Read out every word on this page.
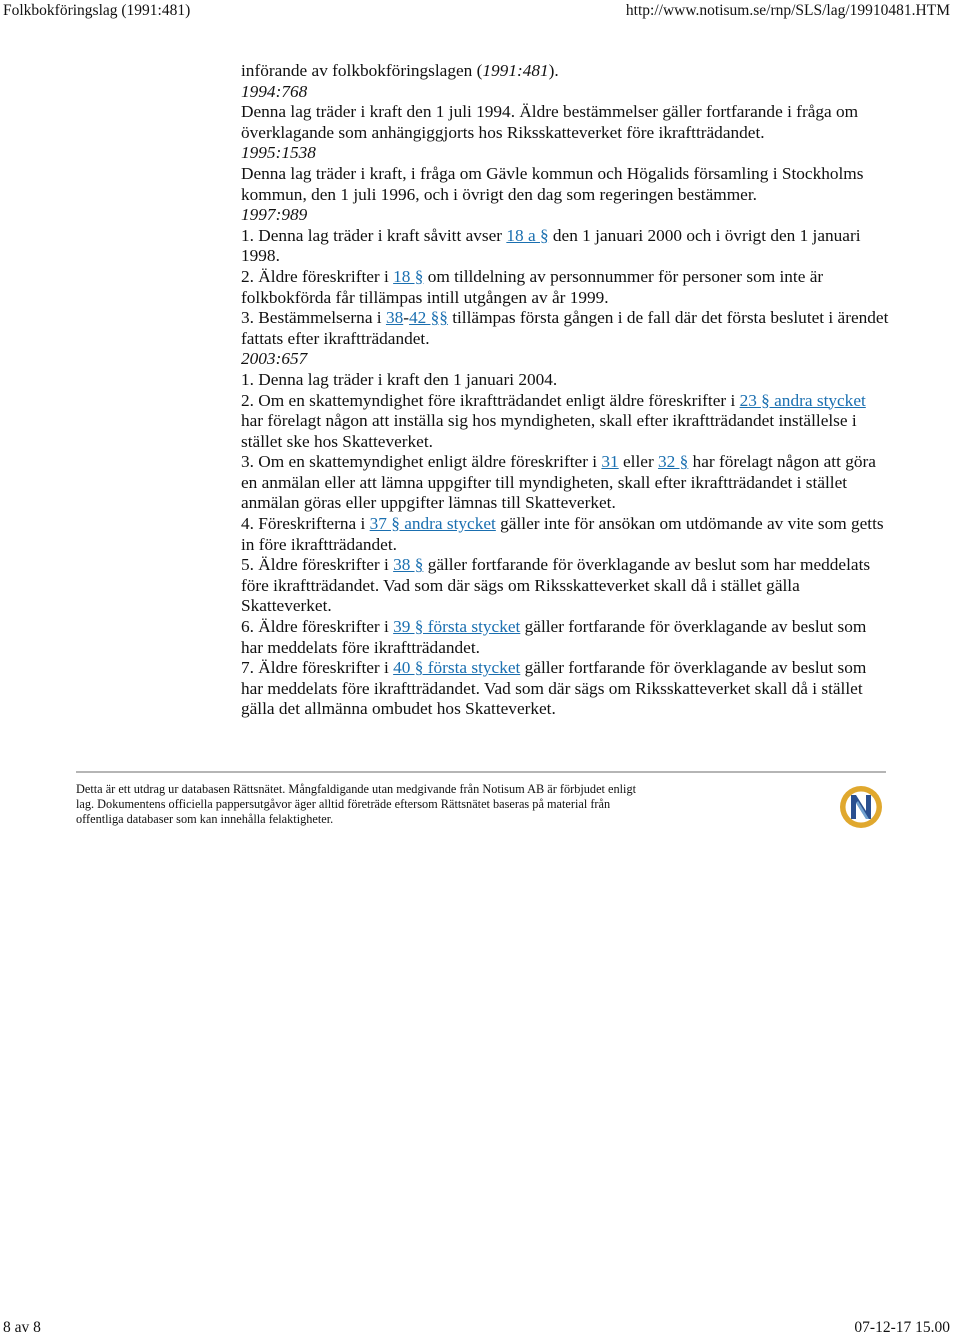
Folkbokföringslag (1991:481)	http://www.notisum.se/rnp/SLS/lag/19910481.HTM

införande av folkbokföringslagen (1991:481).

1994:768

Denna lag träder i kraft den 1 juli 1994. Äldre bestämmelser gäller fortfarande i fråga om överklagande som anhängiggjorts hos Riksskatteverket före ikraftträdandet.

1995:1538

Denna lag träder i kraft, i fråga om Gävle kommun och Högalids församling i Stockholms kommun, den 1 juli 1996, och i övrigt den dag som regeringen bestämmer.

1997:989

1. Denna lag träder i kraft såvitt avser 18 a § den 1 januari 2000 och i övrigt den 1 januari 1998.

2. Äldre föreskrifter i 18 § om tilldelning av personnummer för personer som inte är folkbokförda får tillämpas intill utgången av år 1999.

3. Bestämmelserna i 38-42 §§ tillämpas första gången i de fall där det första beslutet i ärendet fattats efter ikraftträdandet.

2003:657

1. Denna lag träder i kraft den 1 januari 2004.

2. Om en skattemyndighet före ikraftträdandet enligt äldre föreskrifter i 23 § andra stycket har förelagt någon att inställa sig hos myndigheten, skall efter ikraftträdandet inställelse i stället ske hos Skatteverket.

3. Om en skattemyndighet enligt äldre föreskrifter i 31 eller 32 § har förelagt någon att göra en anmälan eller att lämna uppgifter till myndigheten, skall efter ikraftträdandet i stället anmälan göras eller uppgifter lämnas till Skatteverket.

4. Föreskrifterna i 37 § andra stycket gäller inte för ansökan om utdömande av vite som getts in före ikraftträdandet.

5. Äldre föreskrifter i 38 § gäller fortfarande för överklagande av beslut som har meddelats före ikraftträdandet. Vad som där sägs om Riksskatteverket skall då i stället gälla Skatteverket.

6. Äldre föreskrifter i 39 § första stycket gäller fortfarande för överklagande av beslut som har meddelats före ikraftträdandet.

7. Äldre föreskrifter i 40 § första stycket gäller fortfarande för överklagande av beslut som har meddelats före ikraftträdandet. Vad som där sägs om Riksskatteverket skall då i stället gälla det allmänna ombudet hos Skatteverket.

Detta är ett utdrag ur databasen Rättsnätet. Mångfaldigande utan medgivande från Notisum AB är förbjudet enligt lag. Dokumentens officiella pappersutgåvor äger alltid företräde eftersom Rättsnätet baseras på material från offentliga databaser som kan innehålla felaktigheter.
8 av 8	07-12-17 15.00
